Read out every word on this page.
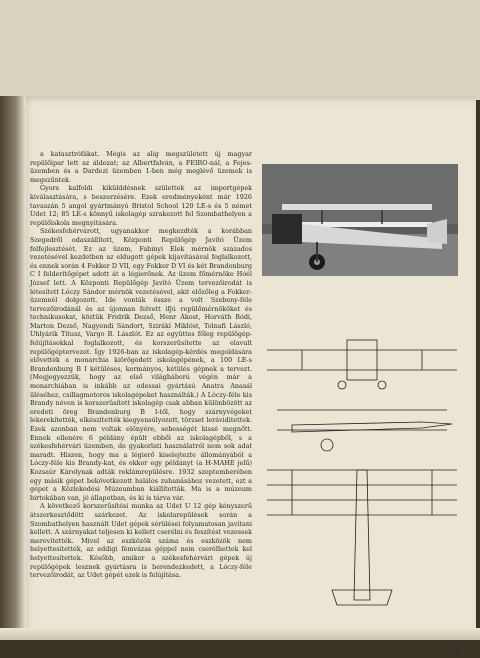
a katasztrófákat. Mégis az alig megszületett új magyar repülőipar lett az áldozat; az Albertfalván, a FEIRO-nál, a Fejes-üzemben és a Dardezi üzemben 1-ben még meglévő üzemek is megszűntek.

Gyors kalfoldi kikülddésnek születtek az importgépek kiválasztására, s beszerzésére. Ezek eredményeként már 1926 tavaszán 5 angol gyártmányú Bristol School 120 LE-s és 5 német Udet 12; 85 LE-s könnyű iskolagép szrakezott fel Szombathelyen a repülőiskola megnyitására.

Székesfehérvárott, ugyanakkor megkezdték a korábban Szegedről odaszállított, Központi Repülőgép Javító Üzem felfejlesztését. Ez az üzem, Fabinyi Elek mérnök százados vezetésével kezdetben az eldugott gépek kijavításával foglalkozott, és ennek során 4 Fokker D VII, egy Fokker D VI és két Brandenburg C I felderítőgépet adott át a légierőnek. Az üzem főmérnöke Hóél József lett. A Központi Repülőgép Javító Üzem tervezőirodát is létesített Lóczy Sándor mérnök vezetésével, akit előzőleg a Fokker-üzemnél dolgozott. Ide vonták össze a volt Szebeny-féle tervezőirodánál és az újonnan felvett ifjú repülőmérnököket és technikusokat, köztük Fridrik Dezső, Henr Ákost, Horváth Bódi, Marton Dezső, Nagyendi Sándort, Szirákí Miklóst, Tolnafi László, Uhlyárik Titusz, Vargo B. Lászlót. Ez az együttes főleg repülőgép-felújításokkal foglalkozott, és korszerűsítette az elavult repülőgéptervezet. Így 1926-ban az iskolagép-kérdés megoldására elővették a monarchia kiörögedett iskolagépének, a 100 LE-s Brandenburg B I kétüléses, kormányos, kétülés gépnek a tervezt. (Megjegyezzük, hogy az első világháború végén már a monarchiában is inkább az odessai gyártású Anatra Anasál üléséhez, csillagmotoros iskolagépeket használták.) A Lóczy-féle kis Brandy néven is korszerűsített iskolagép csak abban különbözött az eredeti öreg Brandenburg B I-től, hogy szárnyvégeket lekerekítették, elkészítették kiegyensúlyozott, törzset leráviditettek. Ezek azonban nem voltak előnyére, sebességét kissé megnőtt. Ennek ellenére 6 példány épült ebből az iskolagépből, s a székesfehérvári üzemben, de gyakorlati használatról nem sok adat maradt. Hiszen, hogy ma a légierő kiselejtezte állományából a Lóczy-féle kis Brandy-kat, és ekkor egy példányt (a H-MAHE jelű) Kozsaúr Károlynak adták reklámrepülésre. 1932 szeptemberében egy másik gépet bekövetkezett halálos zuhanásához vezetett, ezt a gépet a Közlekedési Múzeumban kiállították. Ma is a múzeum birtokában van, jó állapotban, és ki is tárva vár.

A következő korszerűsítési munka az Udet U 12 gép kényszerű átszerkesztődött szárkezet. Az iskolarepülések során a Szombathelyen használt Udet gépek sérülései folyamatosan javítani kellett. A szárnyakat teljesen ki kellett cserélni és feszítést vezessek merevítették. Mivel az eszközök száma és eszközök nem helyettesítették, az eddigi fémvázas géppel nem cserélhettek kel helyettesítettek. Később, amikor a székesfehérvári gépek új repülőgépek lesznek gyártásra is berendezkedett, a Lóczy-féle tervezőirodát, az Udet gépét ezek is felújítása.

173
